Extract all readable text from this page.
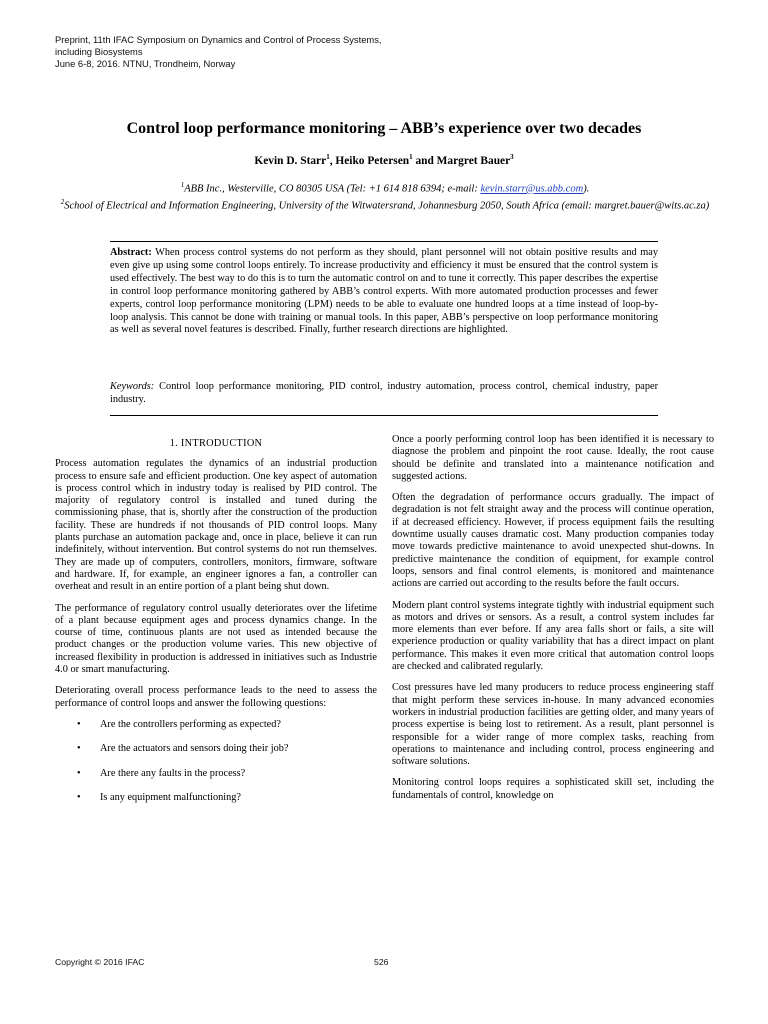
Preprint, 11th IFAC Symposium on Dynamics and Control of Process Systems,
including Biosystems
June 6-8, 2016. NTNU, Trondheim, Norway
Control loop performance monitoring – ABB’s experience over two decades
Kevin D. Starr$^1$, Heiko Petersen$^1$ and Margret Bauer$^3$
$^1$ABB Inc., Westerville, CO 80305 USA (Tel: +1 614 818 6394; e-mail: kevin.starr@us.abb.com).
$^2$School of Electrical and Information Engineering, University of the Witwatersrand, Johannesburg 2050, South Africa (email: margret.bauer@wits.ac.za)
Abstract: When process control systems do not perform as they should, plant personnel will not obtain positive results and may even give up using some control loops entirely. To increase productivity and efficiency it must be ensured that the control system is used effectively. The best way to do this is to turn the automatic control on and to tune it correctly. This paper describes the expertise in control loop performance monitoring gathered by ABB’s control experts. With more automated production processes and fewer experts, control loop performance monitoring (LPM) needs to be able to evaluate one hundred loops at a time instead of loop-by-loop analysis. This cannot be done with training or manual tools. In this paper, ABB’s perspective on loop performance monitoring as well as several novel features is described. Finally, further research directions are highlighted.
Keywords: Control loop performance monitoring, PID control, industry automation, process control, chemical industry, paper industry.
1. INTRODUCTION

Process automation regulates the dynamics of an industrial production process to ensure safe and efficient production. One key aspect of automation is process control which in industry today is realised by PID control. The majority of regulatory control is installed and tuned during the commissioning phase, that is, shortly after the construction of the production facility. These are hundreds if not thousands of PID control loops. Many plants purchase an automation package and, once in place, believe it can run indefinitely, without intervention. But control systems do not run themselves. They are made up of computers, controllers, monitors, firmware, software and hardware. If, for example, an engineer ignores a fan, a controller can overheat and result in an entire portion of a plant being shut down.

The performance of regulatory control usually deteriorates over the lifetime of a plant because equipment ages and process dynamics change. In the course of time, continuous plants are not used as intended because the product changes or the production volume varies. This new objective of increased flexibility in production is addressed in initiatives such as Industrie 4.0 or smart manufacturing.

Deteriorating overall process performance leads to the need to assess the performance of control loops and answer the following questions:

• Are the controllers performing as expected?
• Are the actuators and sensors doing their job?
• Are there any faults in the process?
• Is any equipment malfunctioning?

Once a poorly performing control loop has been identified it is necessary to diagnose the problem and pinpoint the root cause. Ideally, the root cause should be definite and translated into a maintenance notification and suggested actions.

Often the degradation of performance occurs gradually. The impact of degradation is not felt straight away and the process will continue operation, if at decreased efficiency. However, if process equipment fails the resulting downtime usually causes dramatic cost. Many production companies today move towards predictive maintenance to avoid unexpected shut-downs. In predictive maintenance the condition of equipment, for example control loops, sensors and final control elements, is monitored and maintenance actions are carried out according to the results before the fault occurs.

Modern plant control systems integrate tightly with industrial equipment such as motors and drives or sensors. As a result, a control system includes far more elements than ever before. If any area falls short or fails, a site will experience production or quality variability that has a direct impact on plant performance. This makes it even more critical that automation control loops are checked and calibrated regularly.

Cost pressures have led many producers to reduce process engineering staff that might perform these services in-house. In many advanced economies workers in industrial production facilities are getting older, and many years of process expertise is being lost to retirement. As a result, plant personnel is responsible for a wider range of more complex tasks, reaching from operations to maintenance and including control, process engineering and software solutions.

Monitoring control loops requires a sophisticated skill set, including the fundamentals of control, knowledge on

Copyright © 2016 IFAC	526
